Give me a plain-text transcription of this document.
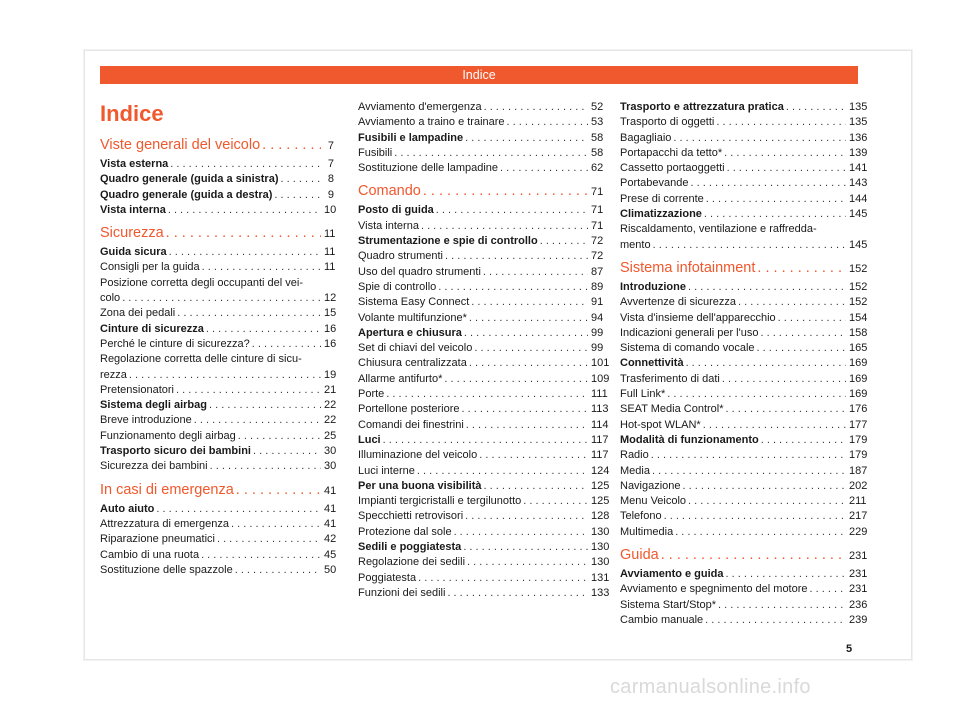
Indice
Indice
Viste generali del veicolo . . .	7
Vista esterna . . .	7
Quadro generale (guida a sinistra) . . .	8
Quadro generale (guida a destra) . . .	9
Vista interna . . .	10
Sicurezza . . .	11
Guida sicura . . .	11
Consigli per la guida . . .	11
Posizione corretta degli occupanti del vei-
colo . . .	12
Zona dei pedali . . .	15
Cinture di sicurezza . . .	16
Perché le cinture di sicurezza? . . .	16
Regolazione corretta delle cinture di sicu-
rezza . . .	19
Pretensionatori . . .	21
Sistema degli airbag . . .	22
Breve introduzione . . .	22
Funzionamento degli airbag . . .	25
Trasporto sicuro dei bambini . . .	30
Sicurezza dei bambini . . .	30
In casi di emergenza . . .	41
Auto aiuto . . .	41
Attrezzatura di emergenza . . .	41
Riparazione pneumatici . . .	42
Cambio di una ruota . . .	45
Sostituzione delle spazzole . . .	50
Avviamento d'emergenza . . .	52
Avviamento a traino e trainare . . .	53
Fusibili e lampadine . . .	58
Fusibili . . .	58
Sostituzione delle lampadine . . .	62
Comando . . .	71
Posto di guida . . .	71
Vista interna . . .	71
Strumentazione e spie di controllo . . .	72
Quadro strumenti . . .	72
Uso del quadro strumenti . . .	87
Spie di controllo . . .	89
Sistema Easy Connect . . .	91
Volante multifunzione* . . .	94
Apertura e chiusura . . .	99
Set di chiavi del veicolo . . .	99
Chiusura centralizzata . . .	101
Allarme antifurto* . . .	109
Porte . . .	111
Portellone posteriore . . .	113
Comandi dei finestrini . . .	114
Luci . . .	117
Illuminazione del veicolo . . .	117
Luci interne . . .	124
Per una buona visibilità . . .	125
Impianti tergicristalli e tergilunotto . . .	125
Specchietti retrovisori . . .	128
Protezione dal sole . . .	130
Sedili e poggiatesta . . .	130
Regolazione dei sedili . . .	130
Poggiatesta . . .	131
Funzioni dei sedili . . .	133
Trasporto e attrezzatura pratica . . .	135
Trasporto di oggetti . . .	135
Bagagliaio . . .	136
Portapacchi da tetto* . . .	139
Cassetto portaoggetti . . .	141
Portabevande . . .	143
Prese di corrente . . .	144
Climatizzazione . . .	145
Riscaldamento, ventilazione e raffredda-
mento . . .	145
Sistema infotainment . . .	152
Introduzione . . .	152
Avvertenze di sicurezza . . .	152
Vista d'insieme dell'apparecchio . . .	154
Indicazioni generali per l'uso . . .	158
Sistema di comando vocale . . .	165
Connettività . . .	169
Trasferimento di dati . . .	169
Full Link* . . .	169
SEAT Media Control* . . .	176
Hot-spot WLAN* . . .	177
Modalità di funzionamento . . .	179
Radio . . .	179
Media . . .	187
Navigazione . . .	202
Menu Veicolo . . .	211
Telefono . . .	217
Multimedia . . .	229
Guida . . .	231
Avviamento e guida . . .	231
Avviamento e spegnimento del motore . . .	231
Sistema Start/Stop* . . .	236
Cambio manuale . . .	239
5
carmanualsonline.info
